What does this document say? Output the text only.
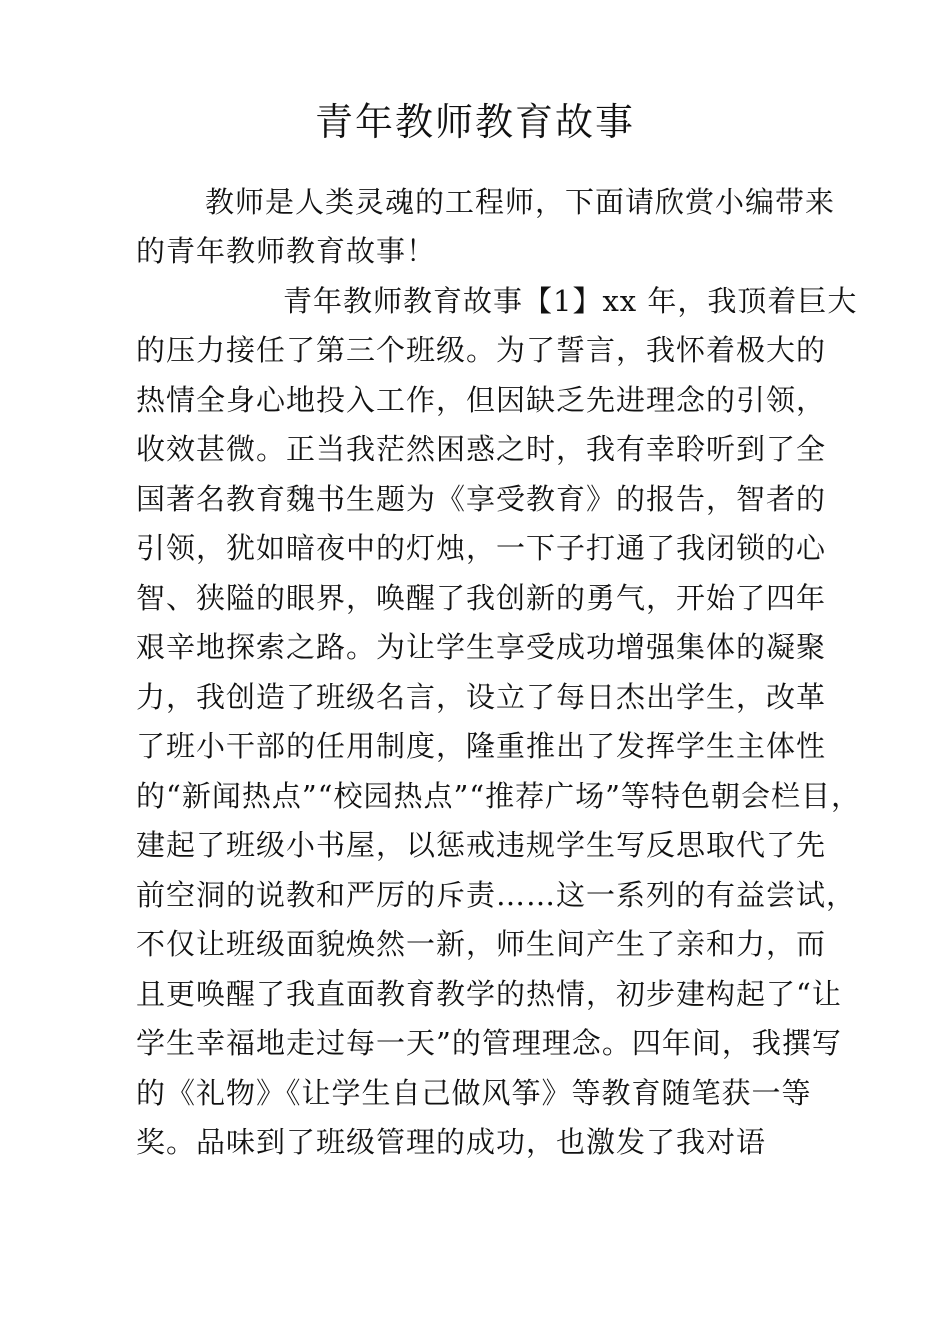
青年教师教育故事
教师是人类灵魂的工程师，下面请欣赏小编带来
的青年教师教育故事！
青年教师教育故事【1】xx 年，我顶着巨大
的压力接任了第三个班级。为了誓言，我怀着极大的
热情全身心地投入工作，但因缺乏先进理念的引领，
收效甚微。正当我茫然困惑之时，我有幸聆听到了全
国著名教育魏书生题为《享受教育》的报告，智者的
引领，犹如暗夜中的灯烛，一下子打通了我闭锁的心
智、狭隘的眼界，唤醒了我创新的勇气，开始了四年
艰辛地探索之路。为让学生享受成功增强集体的凝聚
力，我创造了班级名言，设立了每日杰出学生，改革
了班小干部的任用制度，隆重推出了发挥学生主体性
的“新闻热点”“校园热点”“推荐广场”等特色朝会栏目，
建起了班级小书屋，以惩戒违规学生写反思取代了先
前空洞的说教和严厉的斥责……这一系列的有益尝试，
不仅让班级面貌焕然一新，师生间产生了亲和力，而
且更唤醒了我直面教育教学的热情，初步建构起了“让
学生幸福地走过每一天”的管理理念。四年间，我撰写
的《礼物》《让学生自己做风筝》等教育随笔获一等
奖。品味到了班级管理的成功，也激发了我对语
